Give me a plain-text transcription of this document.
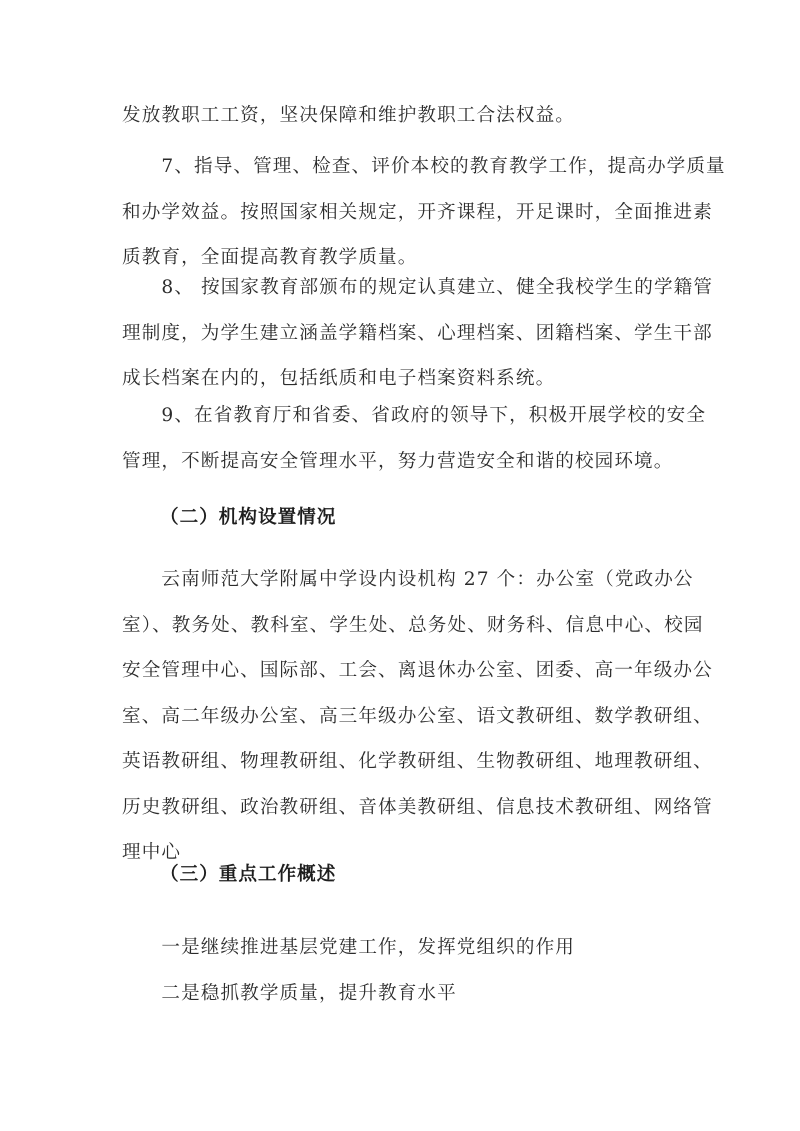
发放教职工工资，坚决保障和维护教职工合法权益。
　　7、指导、管理、检查、评价本校的教育教学工作，提高办学质量
和办学效益。按照国家相关规定，开齐课程，开足课时，全面推进素
质教育，全面提高教育教学质量。
　　8、 按国家教育部颁布的规定认真建立、健全我校学生的学籍管
理制度，为学生建立涵盖学籍档案、心理档案、团籍档案、学生干部
成长档案在内的，包括纸质和电子档案资料系统。
　　9、在省教育厅和省委、省政府的领导下，积极开展学校的安全
管理，不断提高安全管理水平，努力营造安全和谐的校园环境。
（二）机构设置情况
　　云南师范大学附属中学设内设机构 27 个：办公室（党政办公
室）、教务处、教科室、学生处、总务处、财务科、信息中心、校园
安全管理中心、国际部、工会、离退休办公室、团委、高一年级办公
室、高二年级办公室、高三年级办公室、语文教研组、数学教研组、
英语教研组、物理教研组、化学教研组、生物教研组、地理教研组、
历史教研组、政治教研组、音体美教研组、信息技术教研组、网络管
理中心
（三）重点工作概述
　　一是继续推进基层党建工作，发挥党组织的作用
　　二是稳抓教学质量，提升教育水平
